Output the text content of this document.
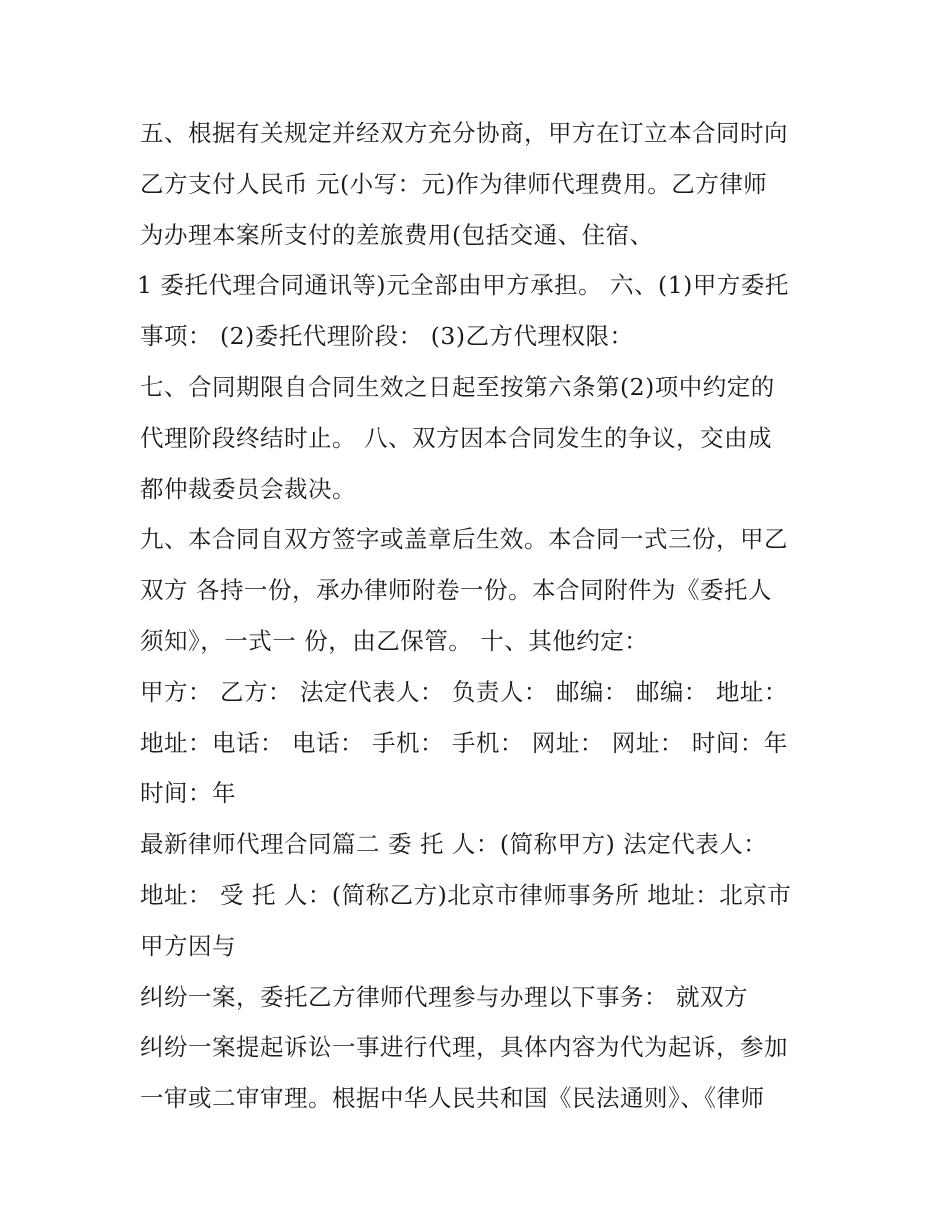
五、根据有关规定并经双方充分协商，甲方在订立本合同时向
乙方支付人民币 元(小写：元)作为律师代理费用。乙方律师
为办理本案所支付的差旅费用(包括交通、住宿、
1 委托代理合同通讯等)元全部由甲方承担。 六、(1)甲方委托
事项： (2)委托代理阶段： (3)乙方代理权限：
七、合同期限自合同生效之日起至按第六条第(2)项中约定的
代理阶段终结时止。 八、双方因本合同发生的争议，交由成
都仲裁委员会裁决。
九、本合同自双方签字或盖章后生效。本合同一式三份，甲乙
双方 各持一份，承办律师附卷一份。本合同附件为《委托人
须知》，一式一 份，由乙保管。 十、其他约定：
甲方： 乙方： 法定代表人： 负责人： 邮编： 邮编： 地址：
地址：电话： 电话： 手机： 手机： 网址： 网址： 时间：年
时间：年
最新律师代理合同篇二 委 托 人：(简称甲方) 法定代表人：
地址： 受 托 人：(简称乙方)北京市律师事务所 地址：北京市
甲方因与
纠纷一案，委托乙方律师代理参与办理以下事务： 就双方
纠纷一案提起诉讼一事进行代理，具体内容为代为起诉，参加
一审或二审审理。根据中华人民共和国《民法通则》、《律师
